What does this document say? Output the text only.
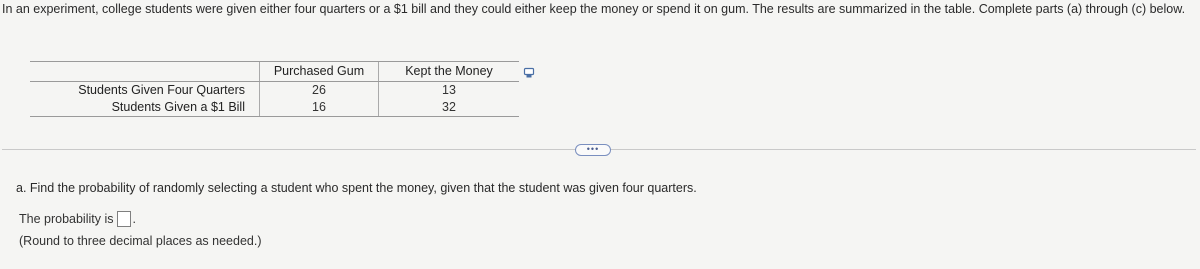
In an experiment, college students were given either four quarters or a $1 bill and they could either keep the money or spend it on gum. The results are summarized in the table. Complete parts (a) through (c) below.
	Purchased Gum	Kept the Money
Students Given Four Quarters	26	13
Students Given a $1 Bill	16	32
•••
a. Find the probability of randomly selecting a student who spent the money, given that the student was given four quarters.
The probability is .
(Round to three decimal places as needed.)
